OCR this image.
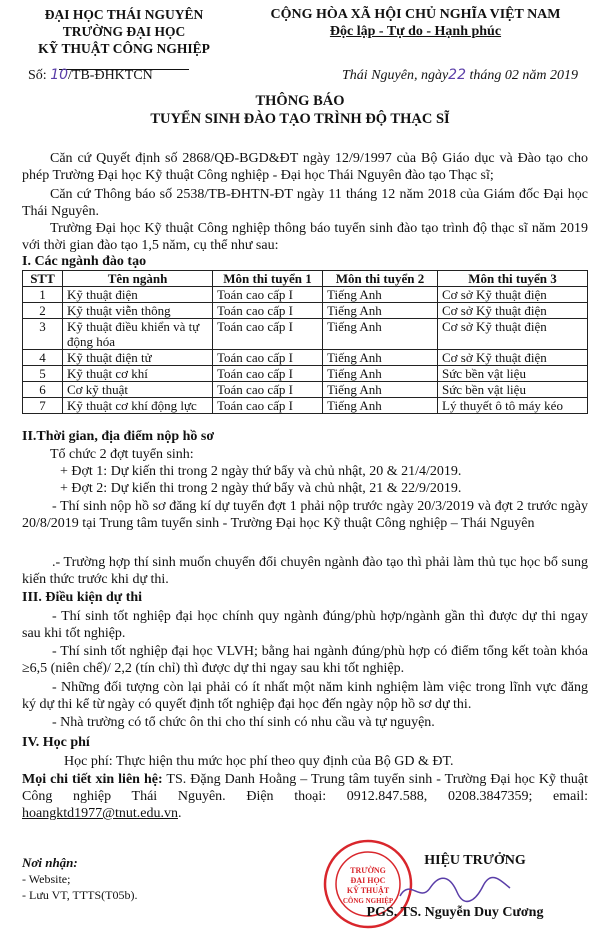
ĐẠI HỌC THÁI NGUYÊN
TRƯỜNG ĐẠI HỌC
KỸ THUẬT CÔNG NGHIỆP
CỘNG HÒA XÃ HỘI CHỦ NGHĨA VIỆT NAM
Độc lập - Tự do - Hạnh phúc
Số: 10/TB-ĐHKTCN	Thái Nguyên, ngày22 tháng 02 năm 2019
THÔNG BÁO
TUYỂN SINH ĐÀO TẠO TRÌNH ĐỘ THẠC SĨ

Căn cứ Quyết định số 2868/QĐ-BGD&ĐT ngày 12/9/1997 của Bộ Giáo dục và Đào tạo cho phép Trường Đại học Kỹ thuật Công nghiệp - Đại học Thái Nguyên đào tạo Thạc sĩ;

Căn cứ Thông báo số 2538/TB-ĐHTN-ĐT ngày 11 tháng 12 năm 2018 của Giám đốc Đại học Thái Nguyên.

Trường Đại học Kỹ thuật Công nghiệp thông báo tuyển sinh đào tạo trình độ thạc sĩ năm 2019 với thời gian đào tạo 1,5 năm, cụ thể như sau:

I. Các ngành đào tạo
STT	Tên ngành	Môn thi tuyển 1	Môn thi tuyển 2	Môn thi tuyển 3
1	Kỹ thuật điện	Toán cao cấp I	Tiếng Anh	Cơ sở Kỹ thuật điện
2	Kỹ thuật viễn thông	Toán cao cấp I	Tiếng Anh	Cơ sở Kỹ thuật điện
3	Kỹ thuật điều khiển và tự động hóa	Toán cao cấp I	Tiếng Anh	Cơ sở Kỹ thuật điện
4	Kỹ thuật điện tử	Toán cao cấp I	Tiếng Anh	Cơ sở Kỹ thuật điện
5	Kỹ thuật cơ khí	Toán cao cấp I	Tiếng Anh	Sức bền vật liệu
6	Cơ kỹ thuật	Toán cao cấp I	Tiếng Anh	Sức bền vật liệu
7	Kỹ thuật cơ khí động lực	Toán cao cấp I	Tiếng Anh	Lý thuyết ô tô máy kéo
II.Thời gian, địa điểm nộp hồ sơ

Tổ chức 2 đợt tuyển sinh:

+ Đợt 1: Dự kiến thi trong 2 ngày thứ bẩy và chủ nhật, 20 & 21/4/2019.

+ Đợt 2: Dự kiến thi trong 2 ngày thứ bẩy và chủ nhật, 21 & 22/9/2019.

- Thí sinh nộp hồ sơ đăng kí dự tuyển đợt 1 phải nộp trước ngày 20/3/2019 và đợt 2 trước ngày 20/8/2019 tại Trung tâm tuyển sinh - Trường Đại học Kỹ thuật Công nghiệp – Thái Nguyên

.- Trường hợp thí sinh muốn chuyển đổi chuyên ngành đào tạo thì phải làm thủ tục học bổ sung kiến thức trước khi dự thi.

III. Điều kiện dự thi

- Thí sinh tốt nghiệp đại học chính quy ngành đúng/phù hợp/ngành gần thì được dự thi ngay sau khi tốt nghiệp.

- Thí sinh tốt nghiệp đại học VLVH; bằng hai ngành đúng/phù hợp có điểm tổng kết toàn khóa ≥6,5 (niên chế)/ 2,2 (tín chỉ) thì được dự thi ngay sau khi tốt nghiệp.

- Những đối tượng còn lại phải có ít nhất một năm kinh nghiệm làm việc trong lĩnh vực đăng ký dự thi kể từ ngày có quyết định tốt nghiệp đại học đến ngày nộp hồ sơ dự thi.

- Nhà trường có tổ chức ôn thi cho thí sinh có nhu cầu và tự nguyện.

IV. Học phí

Học phí: Thực hiện thu mức học phí theo quy định của Bộ GD & ĐT.

Mọi chi tiết xin liên hệ: TS. Đặng Danh Hoằng – Trung tâm tuyển sinh - Trường Đại học Kỹ thuật Công nghiệp Thái Nguyên. Điện thoại: 0912.847.588, 0208.3847359; email: hoangktd1977@tnut.edu.vn.

Nơi nhận:
- Website;
- Lưu VT, TTTS(T05b).
TRƯỜNG
ĐẠI HỌC
KỸ THUẬT
CÔNG NGHIỆP
HIỆU TRƯỞNG
PGS. TS. Nguyễn Duy Cương
